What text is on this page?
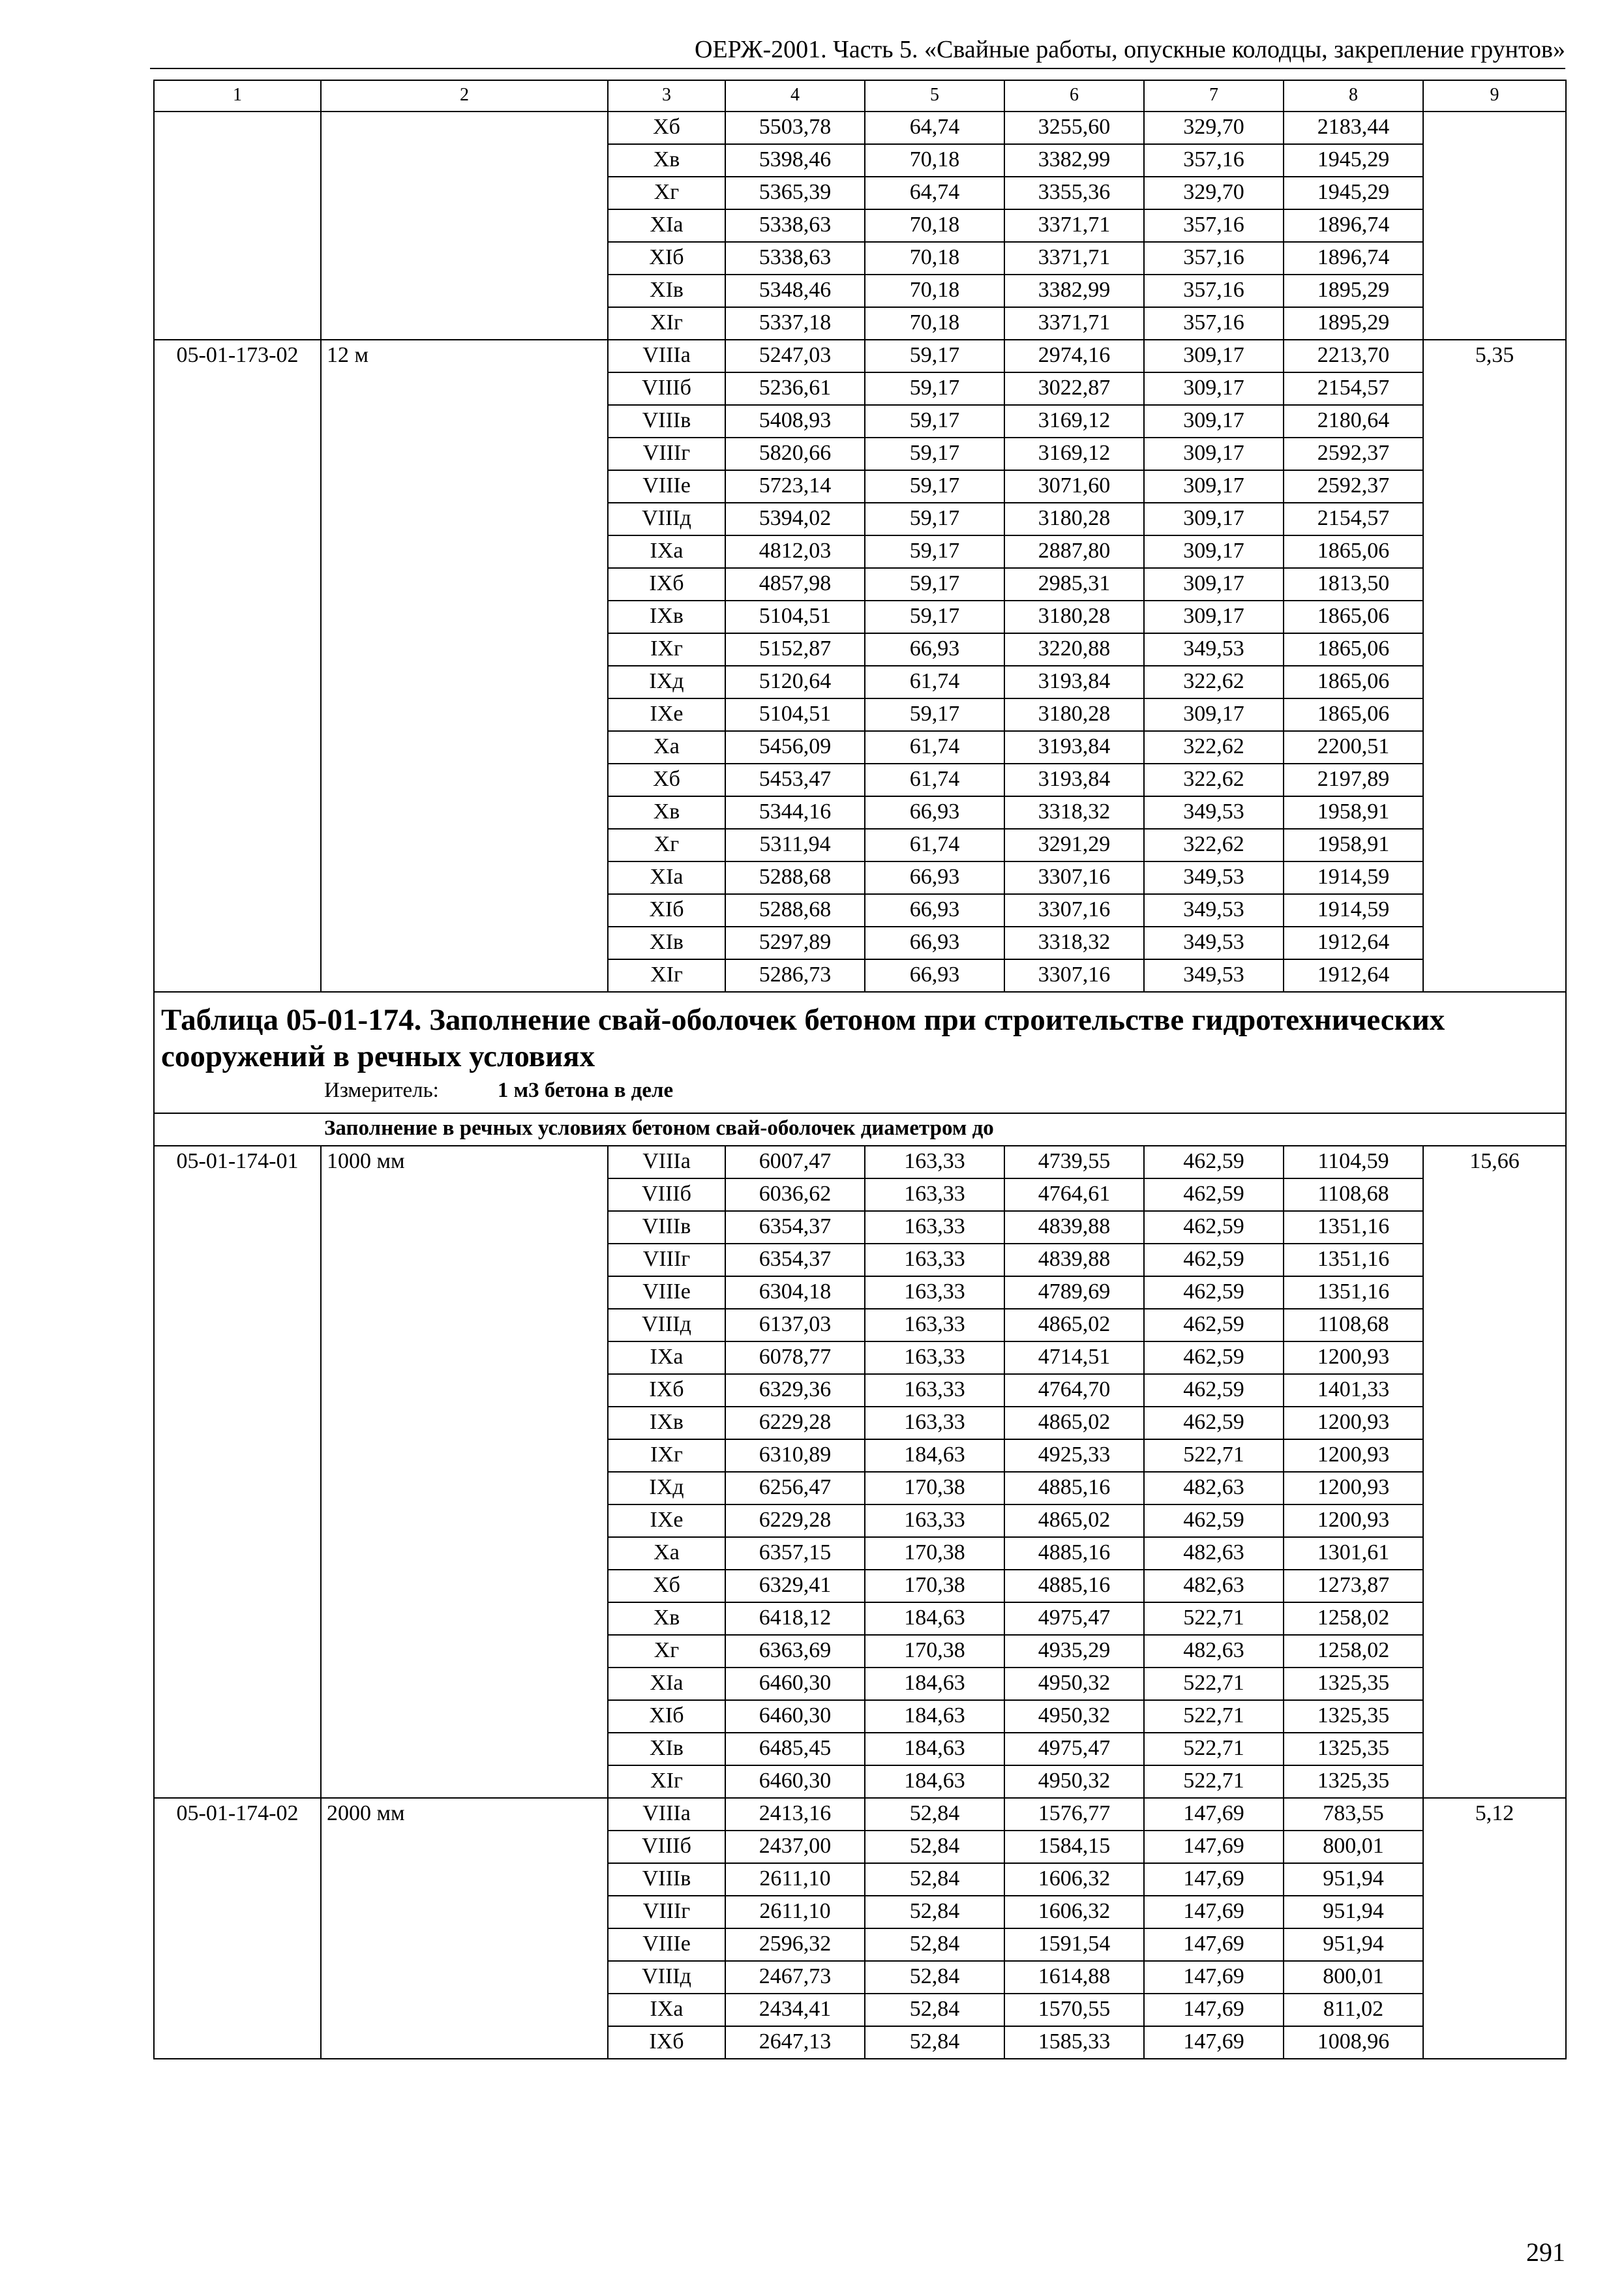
ОЕРЖ-2001. Часть 5. «Свайные работы, опускные колодцы, закрепление грунтов»
1	2	3	4	5	6	7	8	9
		Хб	5503,78	64,74	3255,60	329,70	2183,44	
		Хв	5398,46	70,18	3382,99	357,16	1945,29	
		Хг	5365,39	64,74	3355,36	329,70	1945,29	
		ХIа	5338,63	70,18	3371,71	357,16	1896,74	
		ХIб	5338,63	70,18	3371,71	357,16	1896,74	
		ХIв	5348,46	70,18	3382,99	357,16	1895,29	
		ХIг	5337,18	70,18	3371,71	357,16	1895,29	
05-01-173-02	12 м	VIIIа	5247,03	59,17	2974,16	309,17	2213,70	5,35
		VIIIб	5236,61	59,17	3022,87	309,17	2154,57	
		VIIIв	5408,93	59,17	3169,12	309,17	2180,64	
		VIIIг	5820,66	59,17	3169,12	309,17	2592,37	
		VIIIе	5723,14	59,17	3071,60	309,17	2592,37	
		VIIIд	5394,02	59,17	3180,28	309,17	2154,57	
		IХа	4812,03	59,17	2887,80	309,17	1865,06	
		IХб	4857,98	59,17	2985,31	309,17	1813,50	
		IХв	5104,51	59,17	3180,28	309,17	1865,06	
		IХг	5152,87	66,93	3220,88	349,53	1865,06	
		IХд	5120,64	61,74	3193,84	322,62	1865,06	
		IХе	5104,51	59,17	3180,28	309,17	1865,06	
		Ха	5456,09	61,74	3193,84	322,62	2200,51	
		Хб	5453,47	61,74	3193,84	322,62	2197,89	
		Хв	5344,16	66,93	3318,32	349,53	1958,91	
		Хг	5311,94	61,74	3291,29	322,62	1958,91	
		ХIа	5288,68	66,93	3307,16	349,53	1914,59	
		ХIб	5288,68	66,93	3307,16	349,53	1914,59	
		ХIв	5297,89	66,93	3318,32	349,53	1912,64	
		ХIг	5286,73	66,93	3307,16	349,53	1912,64	

Таблица 05-01-174. Заполнение свай-оболочек бетоном при строительстве гидротехнических сооружений в речных условиях
Измеритель: 1 м3 бетона в деле								

Заполнение в речных условиях бетоном свай-оболочек диаметром до								
05-01-174-01	1000 мм	VIIIа	6007,47	163,33	4739,55	462,59	1104,59	15,66
		VIIIб	6036,62	163,33	4764,61	462,59	1108,68	
		VIIIв	6354,37	163,33	4839,88	462,59	1351,16	
		VIIIг	6354,37	163,33	4839,88	462,59	1351,16	
		VIIIе	6304,18	163,33	4789,69	462,59	1351,16	
		VIIIд	6137,03	163,33	4865,02	462,59	1108,68	
		IХа	6078,77	163,33	4714,51	462,59	1200,93	
		IХб	6329,36	163,33	4764,70	462,59	1401,33	
		IХв	6229,28	163,33	4865,02	462,59	1200,93	
		IХг	6310,89	184,63	4925,33	522,71	1200,93	
		IХд	6256,47	170,38	4885,16	482,63	1200,93	
		IХе	6229,28	163,33	4865,02	462,59	1200,93	
		Ха	6357,15	170,38	4885,16	482,63	1301,61	
		Хб	6329,41	170,38	4885,16	482,63	1273,87	
		Хв	6418,12	184,63	4975,47	522,71	1258,02	
		Хг	6363,69	170,38	4935,29	482,63	1258,02	
		ХIа	6460,30	184,63	4950,32	522,71	1325,35	
		ХIб	6460,30	184,63	4950,32	522,71	1325,35	
		ХIв	6485,45	184,63	4975,47	522,71	1325,35	
		ХIг	6460,30	184,63	4950,32	522,71	1325,35	
05-01-174-02	2000 мм	VIIIа	2413,16	52,84	1576,77	147,69	783,55	5,12
		VIIIб	2437,00	52,84	1584,15	147,69	800,01	
		VIIIв	2611,10	52,84	1606,32	147,69	951,94	
		VIIIг	2611,10	52,84	1606,32	147,69	951,94	
		VIIIе	2596,32	52,84	1591,54	147,69	951,94	
		VIIIд	2467,73	52,84	1614,88	147,69	800,01	
		IХа	2434,41	52,84	1570,55	147,69	811,02	
		IХб	2647,13	52,84	1585,33	147,69	1008,96	
291
